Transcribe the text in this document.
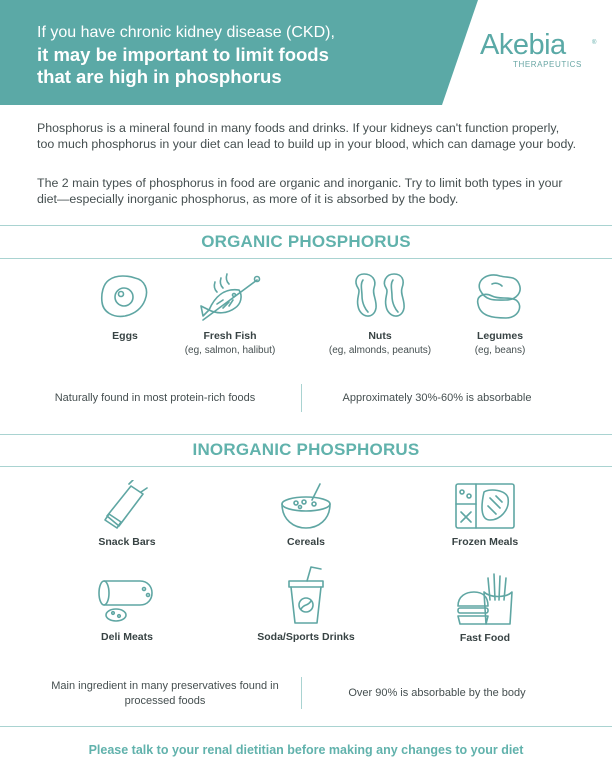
If you have chronic kidney disease (CKD),
it may be important to limit foods
that are high in phosphorus
Akebia	®
THERAPEUTICS

Phosphorus is a mineral found in many foods and drinks. If your kidneys can't function properly, too much phosphorus in your diet can lead to build up in your blood, which can damage your body.

The 2 main types of phosphorus in food are organic and inorganic. Try to limit both types in your diet—especially inorganic phosphorus, as more of it is absorbed by the body.

ORGANIC PHOSPHORUS
Eggs	Fresh Fish
(eg, salmon, halibut)
Nuts
(eg, almonds, peanuts)
Legumes
(eg, beans)
Naturally found in most protein-rich foods	Approximately 30%-60% is absorbable
INORGANIC PHOSPHORUS
Snack Bars	Cereals	Frozen Meals
Deli Meats	Soda/Sports Drinks	Fast Food
Main ingredient in many preservatives found in processed foods
Over 90% is absorbable by the body
Please talk to your renal dietitian before making any changes to your diet
